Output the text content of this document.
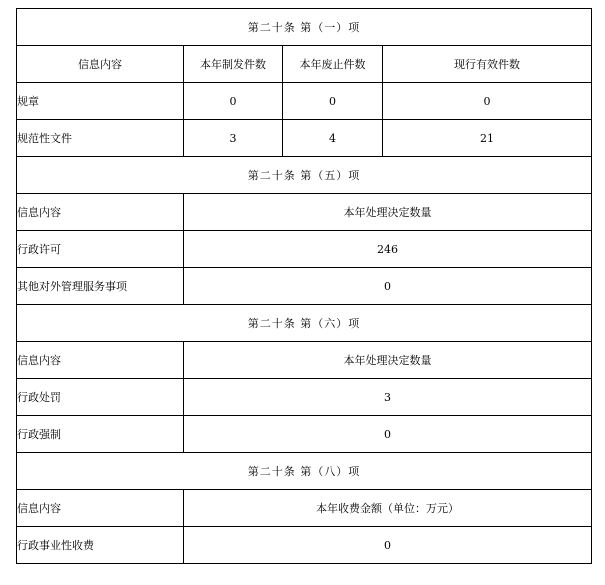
第二十条 第（一）项			
信息内容	本年制发件数	本年废止件数	现行有效件数
规章	0	0	0
规范性文件	3	4	21
第二十条 第（五）项			
信息内容	本年处理决定数量		
行政许可	246		
其他对外管理服务事项	0		
第二十条 第（六）项			
信息内容	本年处理决定数量		
行政处罚	3		
行政强制	0		
第二十条 第（八）项			
信息内容	本年收费金额（单位：万元）		
行政事业性收费	0		
